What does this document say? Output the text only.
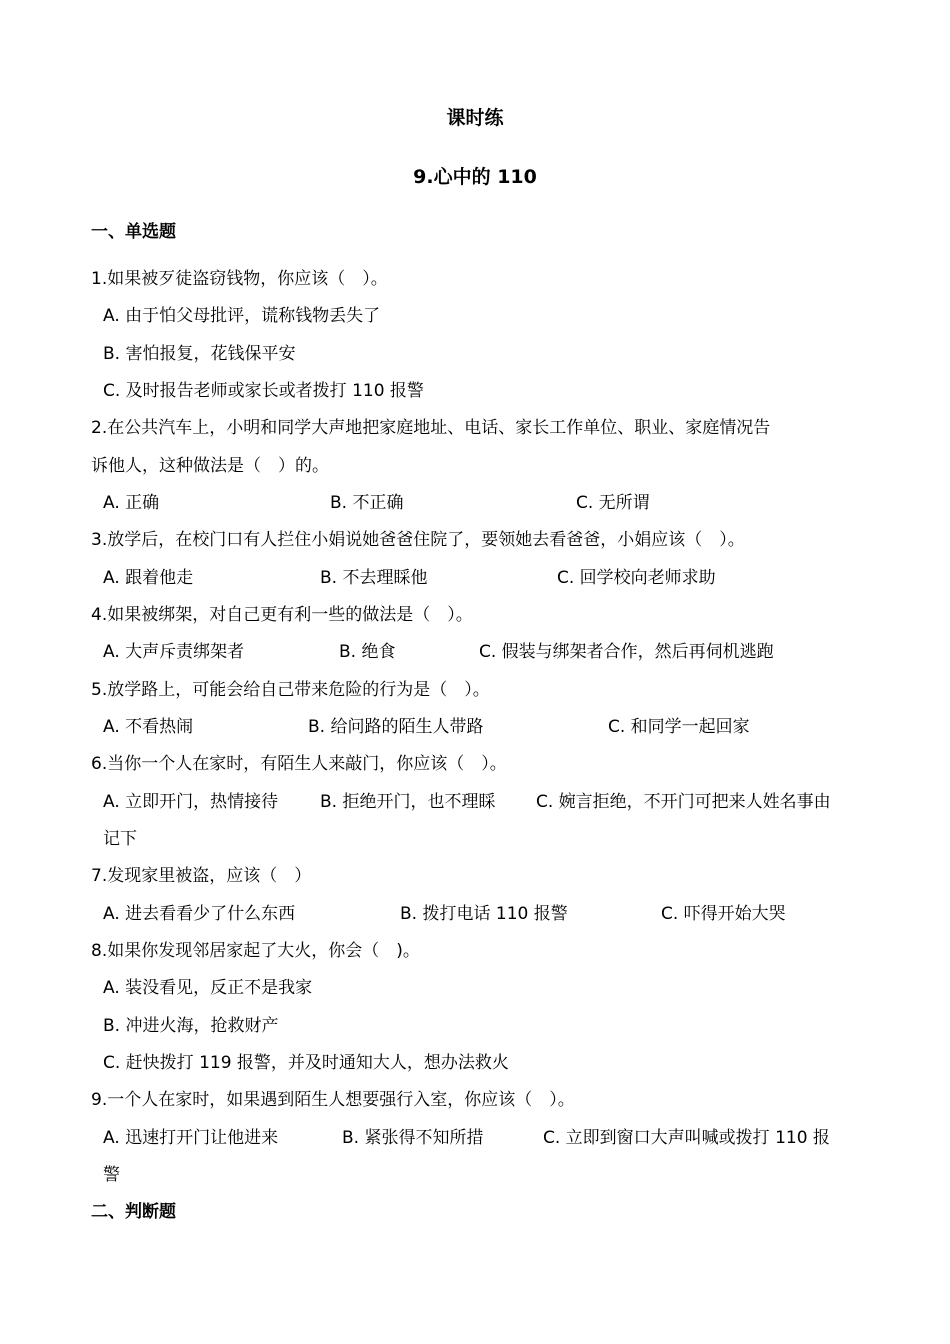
课时练
9.心中的 110
一、单选题
1.如果被歹徒盗窃钱物，你应该（　）。
A. 由于怕父母批评，谎称钱物丢失了
B. 害怕报复，花钱保平安
C. 及时报告老师或家长或者拨打 110 报警
2.在公共汽车上，小明和同学大声地把家庭地址、电话、家长工作单位、职业、家庭情况告
诉他人，这种做法是（　）的。
A. 正确	B. 不正确	C. 无所谓
3.放学后，在校门口有人拦住小娟说她爸爸住院了，要领她去看爸爸，小娟应该（　）。
A. 跟着他走	B. 不去理睬他	C. 回学校向老师求助
4.如果被绑架，对自己更有利一些的做法是（　）。
A. 大声斥责绑架者	B. 绝食	C. 假装与绑架者合作，然后再伺机逃跑
5.放学路上，可能会给自己带来危险的行为是（　）。
A. 不看热闹	B. 给问路的陌生人带路	C. 和同学一起回家
6.当你一个人在家时，有陌生人来敲门，你应该（　）。
A. 立即开门，热情接待 B. 拒绝开门，也不理睬 C. 婉言拒绝，不开门可把来人姓名事由
记下
7.发现家里被盗，应该（　）
A. 进去看看少了什么东西	B. 拨打电话 110 报警	C. 吓得开始大哭
8.如果你发现邻居家起了大火，你会（　)。
A. 装没看见，反正不是我家
B. 冲进火海，抢救财产
C. 赶快拨打 119 报警，并及时通知大人，想办法救火
9.一个人在家时，如果遇到陌生人想要强行入室，你应该（　）。
A. 迅速打开门让他进来	B. 紧张得不知所措	C. 立即到窗口大声叫喊或拨打 110 报
警
二、判断题
